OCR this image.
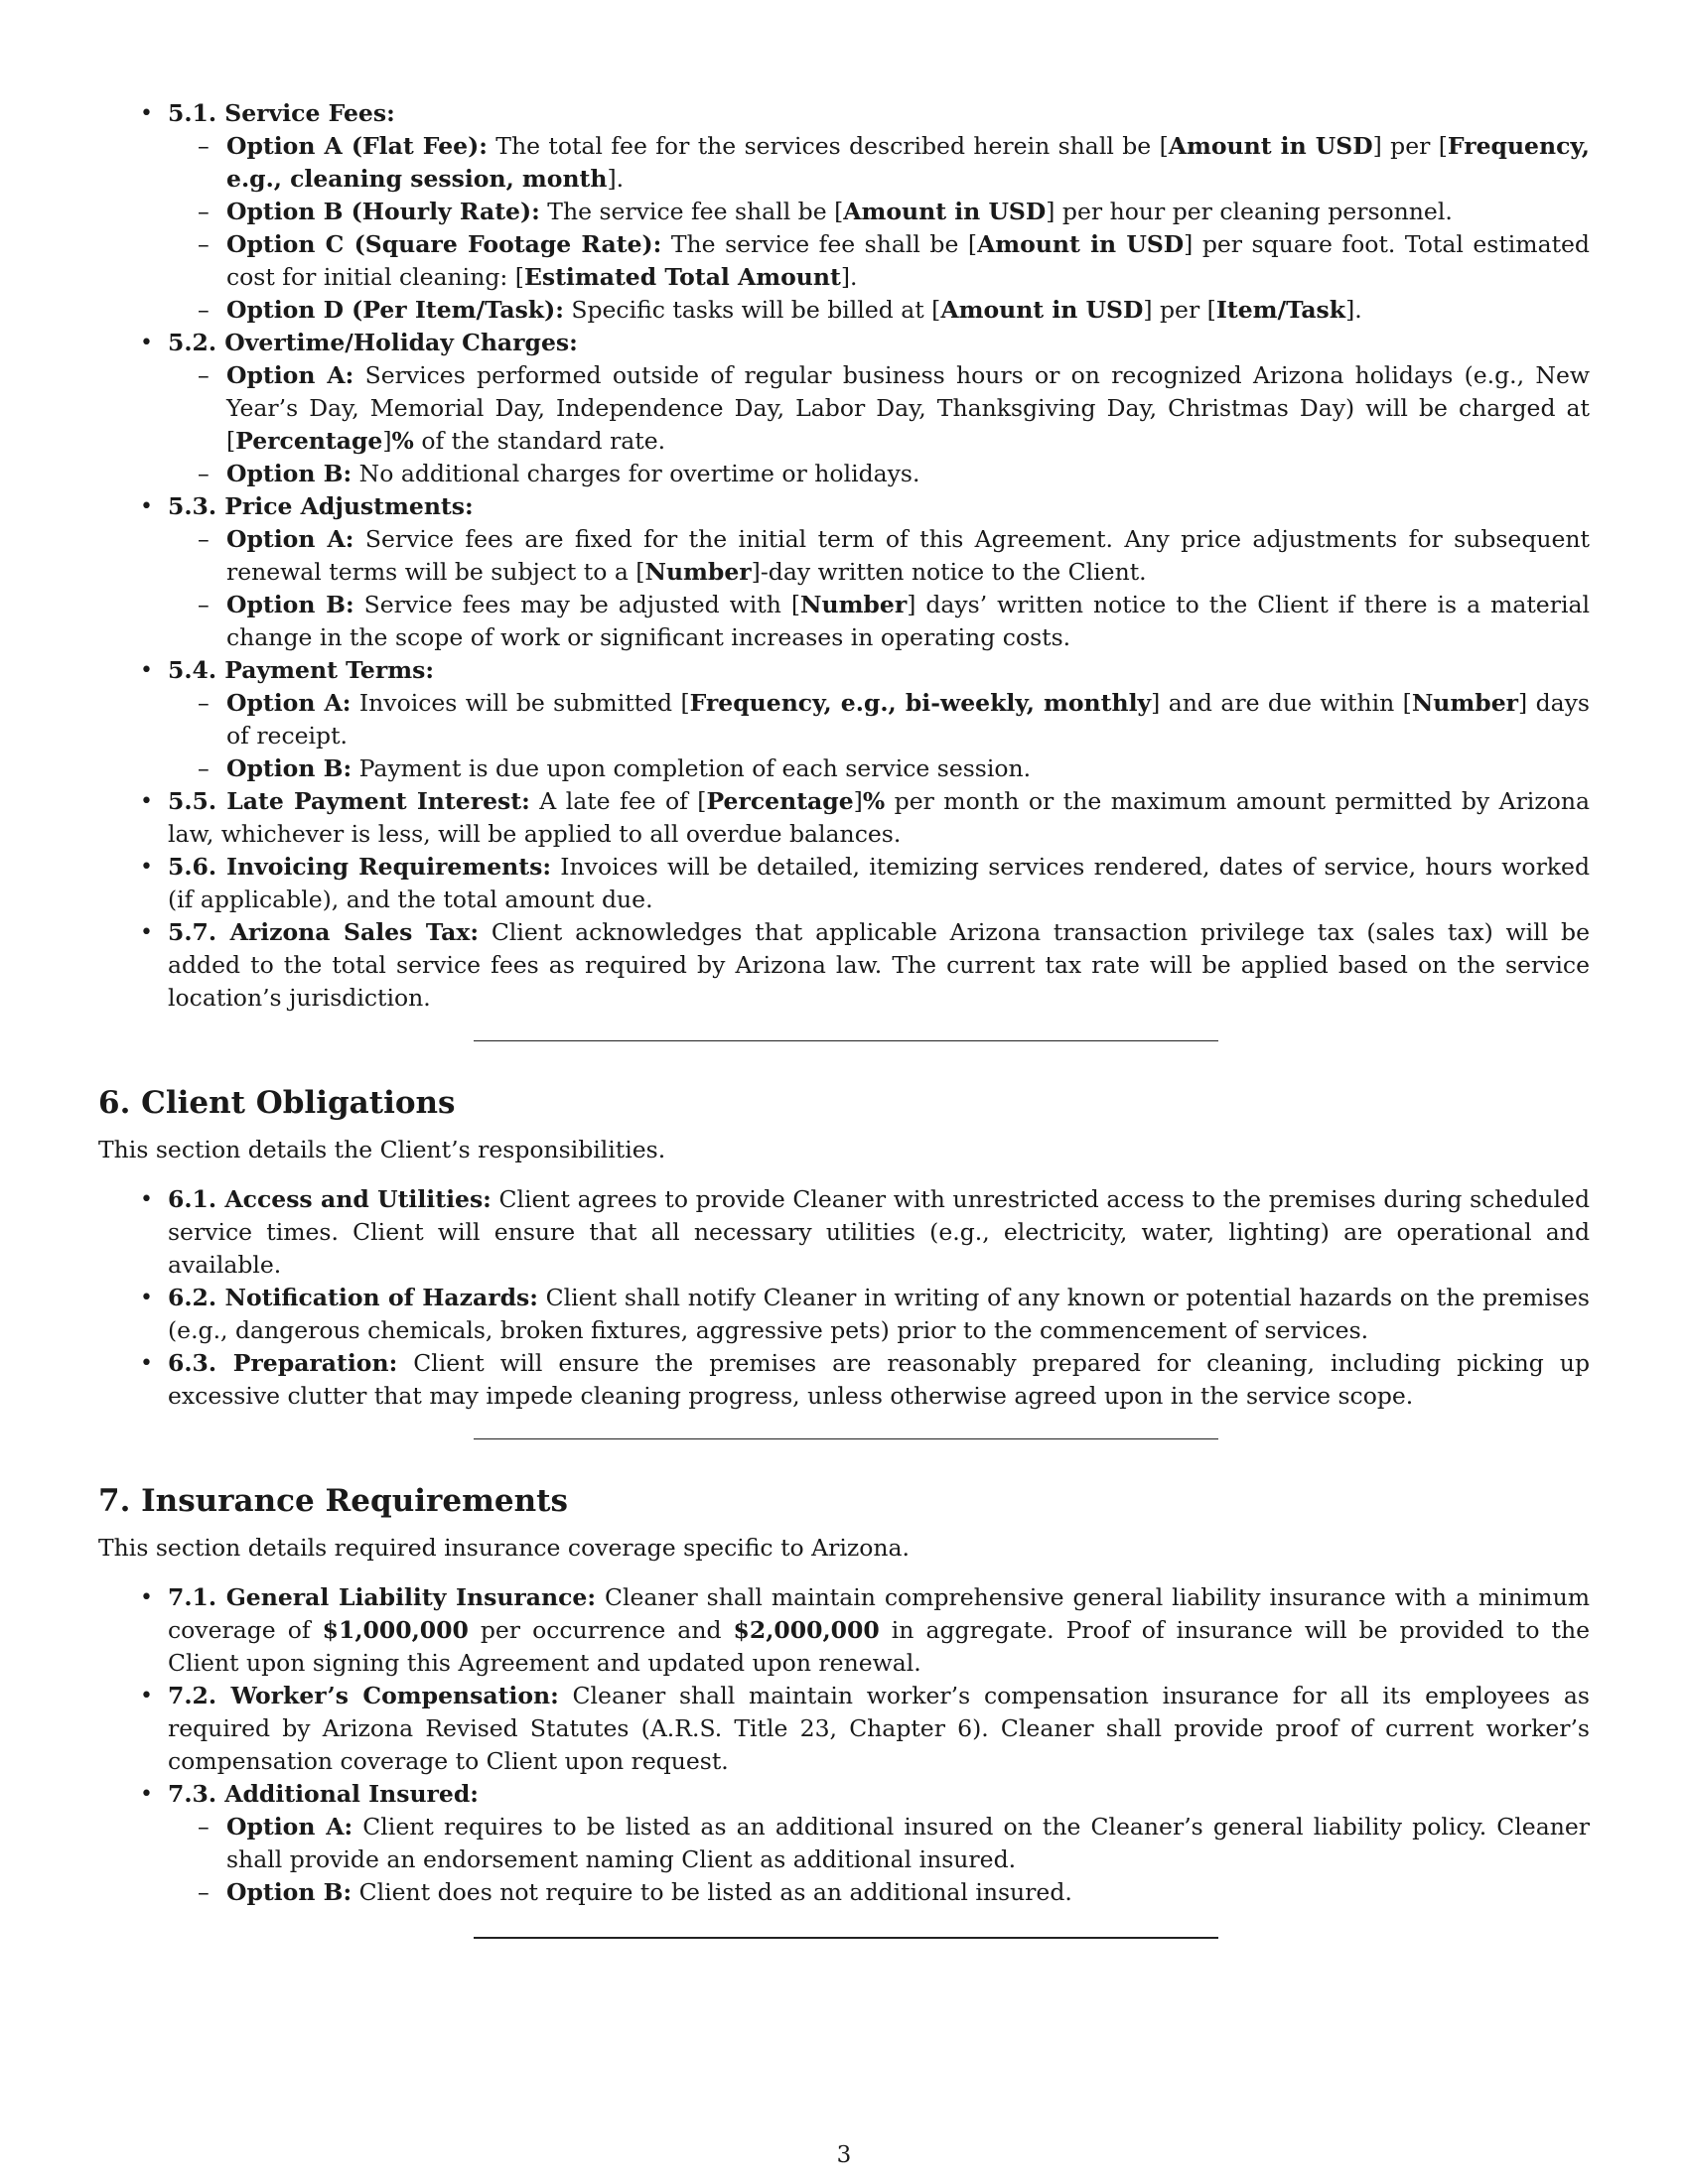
• 5.1. Service Fees:
– Option A (Flat Fee): The total fee for the services described herein shall be [Amount in USD] per [Frequency, e.g., cleaning session, month].
– Option B (Hourly Rate): The service fee shall be [Amount in USD] per hour per cleaning personnel.
– Option C (Square Footage Rate): The service fee shall be [Amount in USD] per square foot. Total estimated cost for initial cleaning: [Estimated Total Amount].
– Option D (Per Item/Task): Specific tasks will be billed at [Amount in USD] per [Item/Task].
• 5.2. Overtime/Holiday Charges:
– Option A: Services performed outside of regular business hours or on recognized Arizona holidays (e.g., New Year’s Day, Memorial Day, Independence Day, Labor Day, Thanksgiving Day, Christmas Day) will be charged at [Percentage]% of the standard rate.
– Option B: No additional charges for overtime or holidays.
• 5.3. Price Adjustments:
– Option A: Service fees are fixed for the initial term of this Agreement. Any price adjustments for subsequent renewal terms will be subject to a [Number]-day written notice to the Client.
– Option B: Service fees may be adjusted with [Number] days’ written notice to the Client if there is a material change in the scope of work or significant increases in operating costs.
• 5.4. Payment Terms:
– Option A: Invoices will be submitted [Frequency, e.g., bi-weekly, monthly] and are due within [Number] days of receipt.
– Option B: Payment is due upon completion of each service session.
• 5.5. Late Payment Interest: A late fee of [Percentage]% per month or the maximum amount permitted by Arizona law, whichever is less, will be applied to all overdue balances.
• 5.6. Invoicing Requirements: Invoices will be detailed, itemizing services rendered, dates of service, hours worked (if applicable), and the total amount due.
• 5.7. Arizona Sales Tax: Client acknowledges that applicable Arizona transaction privilege tax (sales tax) will be added to the total service fees as required by Arizona law. The current tax rate will be applied based on the service location’s jurisdiction.
6. Client Obligations

This section details the Client’s responsibilities.

• 6.1. Access and Utilities: Client agrees to provide Cleaner with unrestricted access to the premises during scheduled service times. Client will ensure that all necessary utilities (e.g., electricity, water, lighting) are operational and available.
• 6.2. Notification of Hazards: Client shall notify Cleaner in writing of any known or potential hazards on the premises (e.g., dangerous chemicals, broken fixtures, aggressive pets) prior to the commencement of services.
• 6.3. Preparation: Client will ensure the premises are reasonably prepared for cleaning, including picking up excessive clutter that may impede cleaning progress, unless otherwise agreed upon in the service scope.
7. Insurance Requirements

This section details required insurance coverage specific to Arizona.

• 7.1. General Liability Insurance: Cleaner shall maintain comprehensive general liability insurance with a minimum coverage of $1,000,000 per occurrence and $2,000,000 in aggregate. Proof of insurance will be provided to the Client upon signing this Agreement and updated upon renewal.
• 7.2. Worker’s Compensation: Cleaner shall maintain worker’s compensation insurance for all its employees as required by Arizona Revised Statutes (A.R.S. Title 23, Chapter 6). Cleaner shall provide proof of current worker’s compensation coverage to Client upon request.
• 7.3. Additional Insured:
– Option A: Client requires to be listed as an additional insured on the Cleaner’s general liability policy. Cleaner shall provide an endorsement naming Client as additional insured.
– Option B: Client does not require to be listed as an additional insured.
3
